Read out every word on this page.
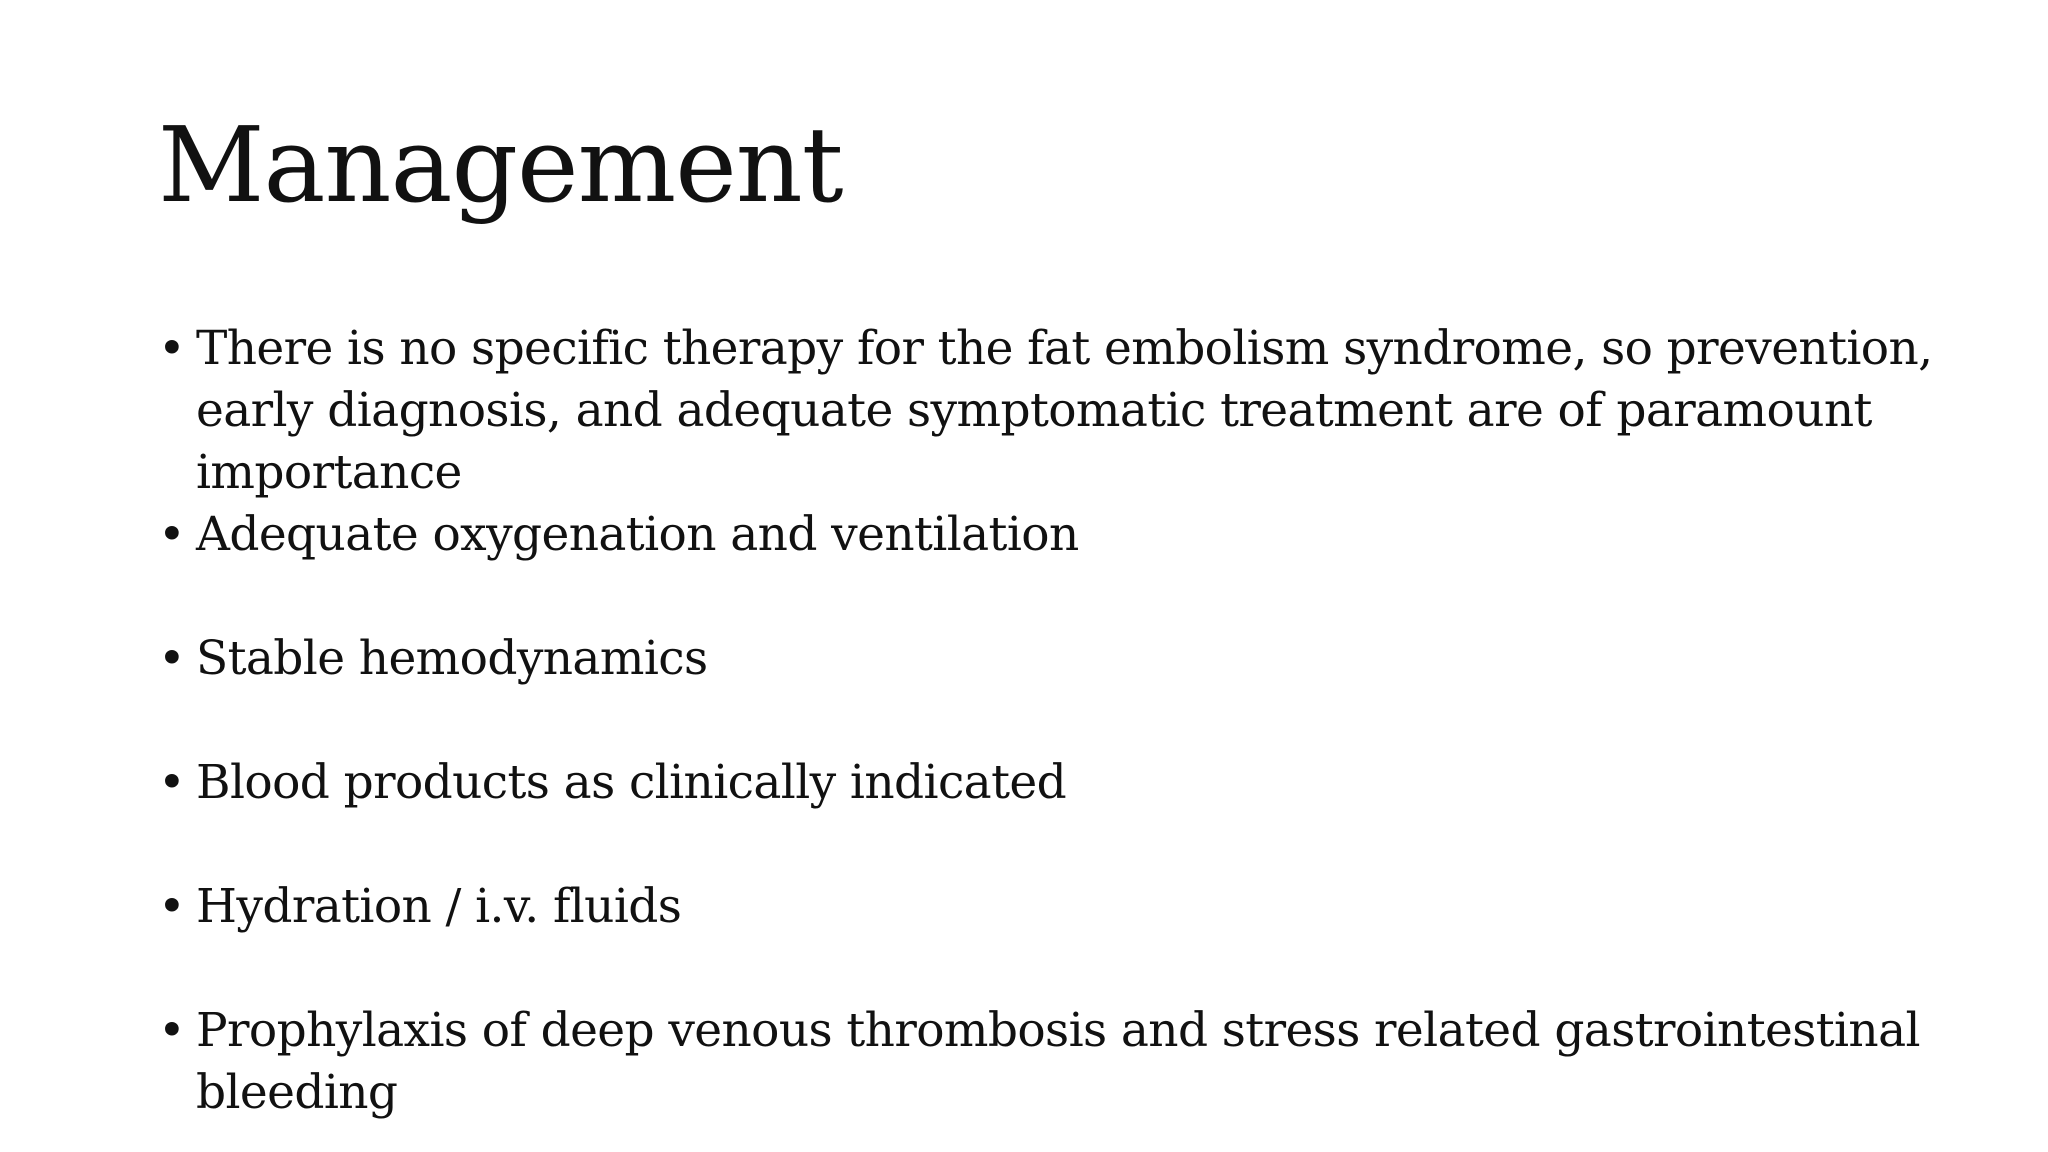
Management
• There is no specific therapy for the fat embolism syndrome, so prevention, early diagnosis, and adequate symptomatic treatment are of paramount importance
• Adequate oxygenation and ventilation
• Stable hemodynamics
• Blood products as clinically indicated
• Hydration / i.v. fluids
• Prophylaxis of deep venous thrombosis and stress related gastrointestinal bleeding
